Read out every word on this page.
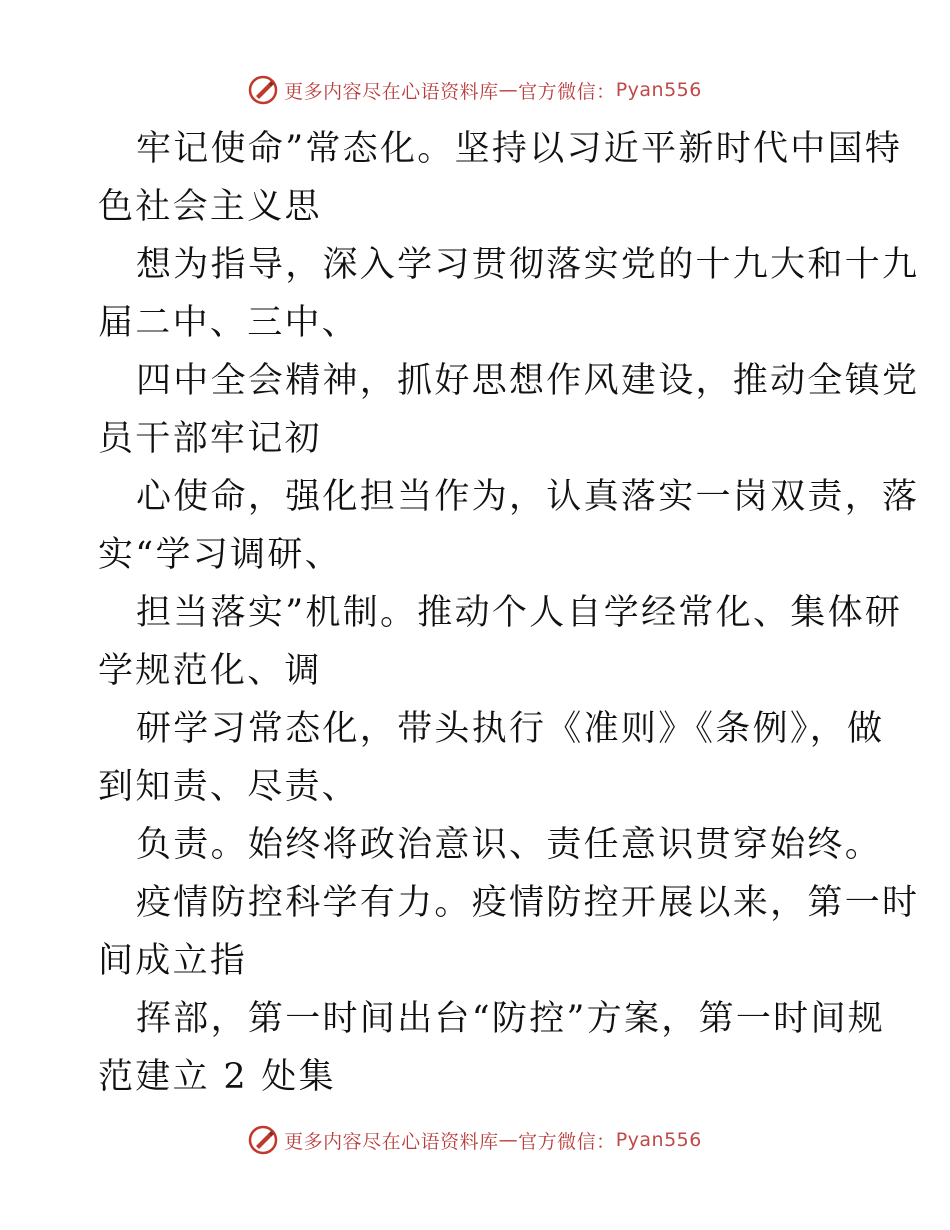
更多内容尽在心语资料库 — 官方微信： Pyan556
牢记使命”常态化。坚持以习近平新时代中国特
色社会主义思
想为指导，深入学习贯彻落实党的十九大和十九
届二中、三中、
四中全会精神，抓好思想作风建设，推动全镇党
员干部牢记初
心使命，强化担当作为，认真落实一岗双责，落
实“学习调研、
担当落实”机制。推动个人自学经常化、集体研
学规范化、调
研学习常态化，带头执行《准则》《条例》，做
到知责、尽责、
负责。始终将政治意识、责任意识贯穿始终。
疫情防控科学有力。疫情防控开展以来，第一时
间成立指
挥部，第一时间出台“防控”方案，第一时间规
范建立 2 处集
更多内容尽在心语资料库 — 官方微信： Pyan556
